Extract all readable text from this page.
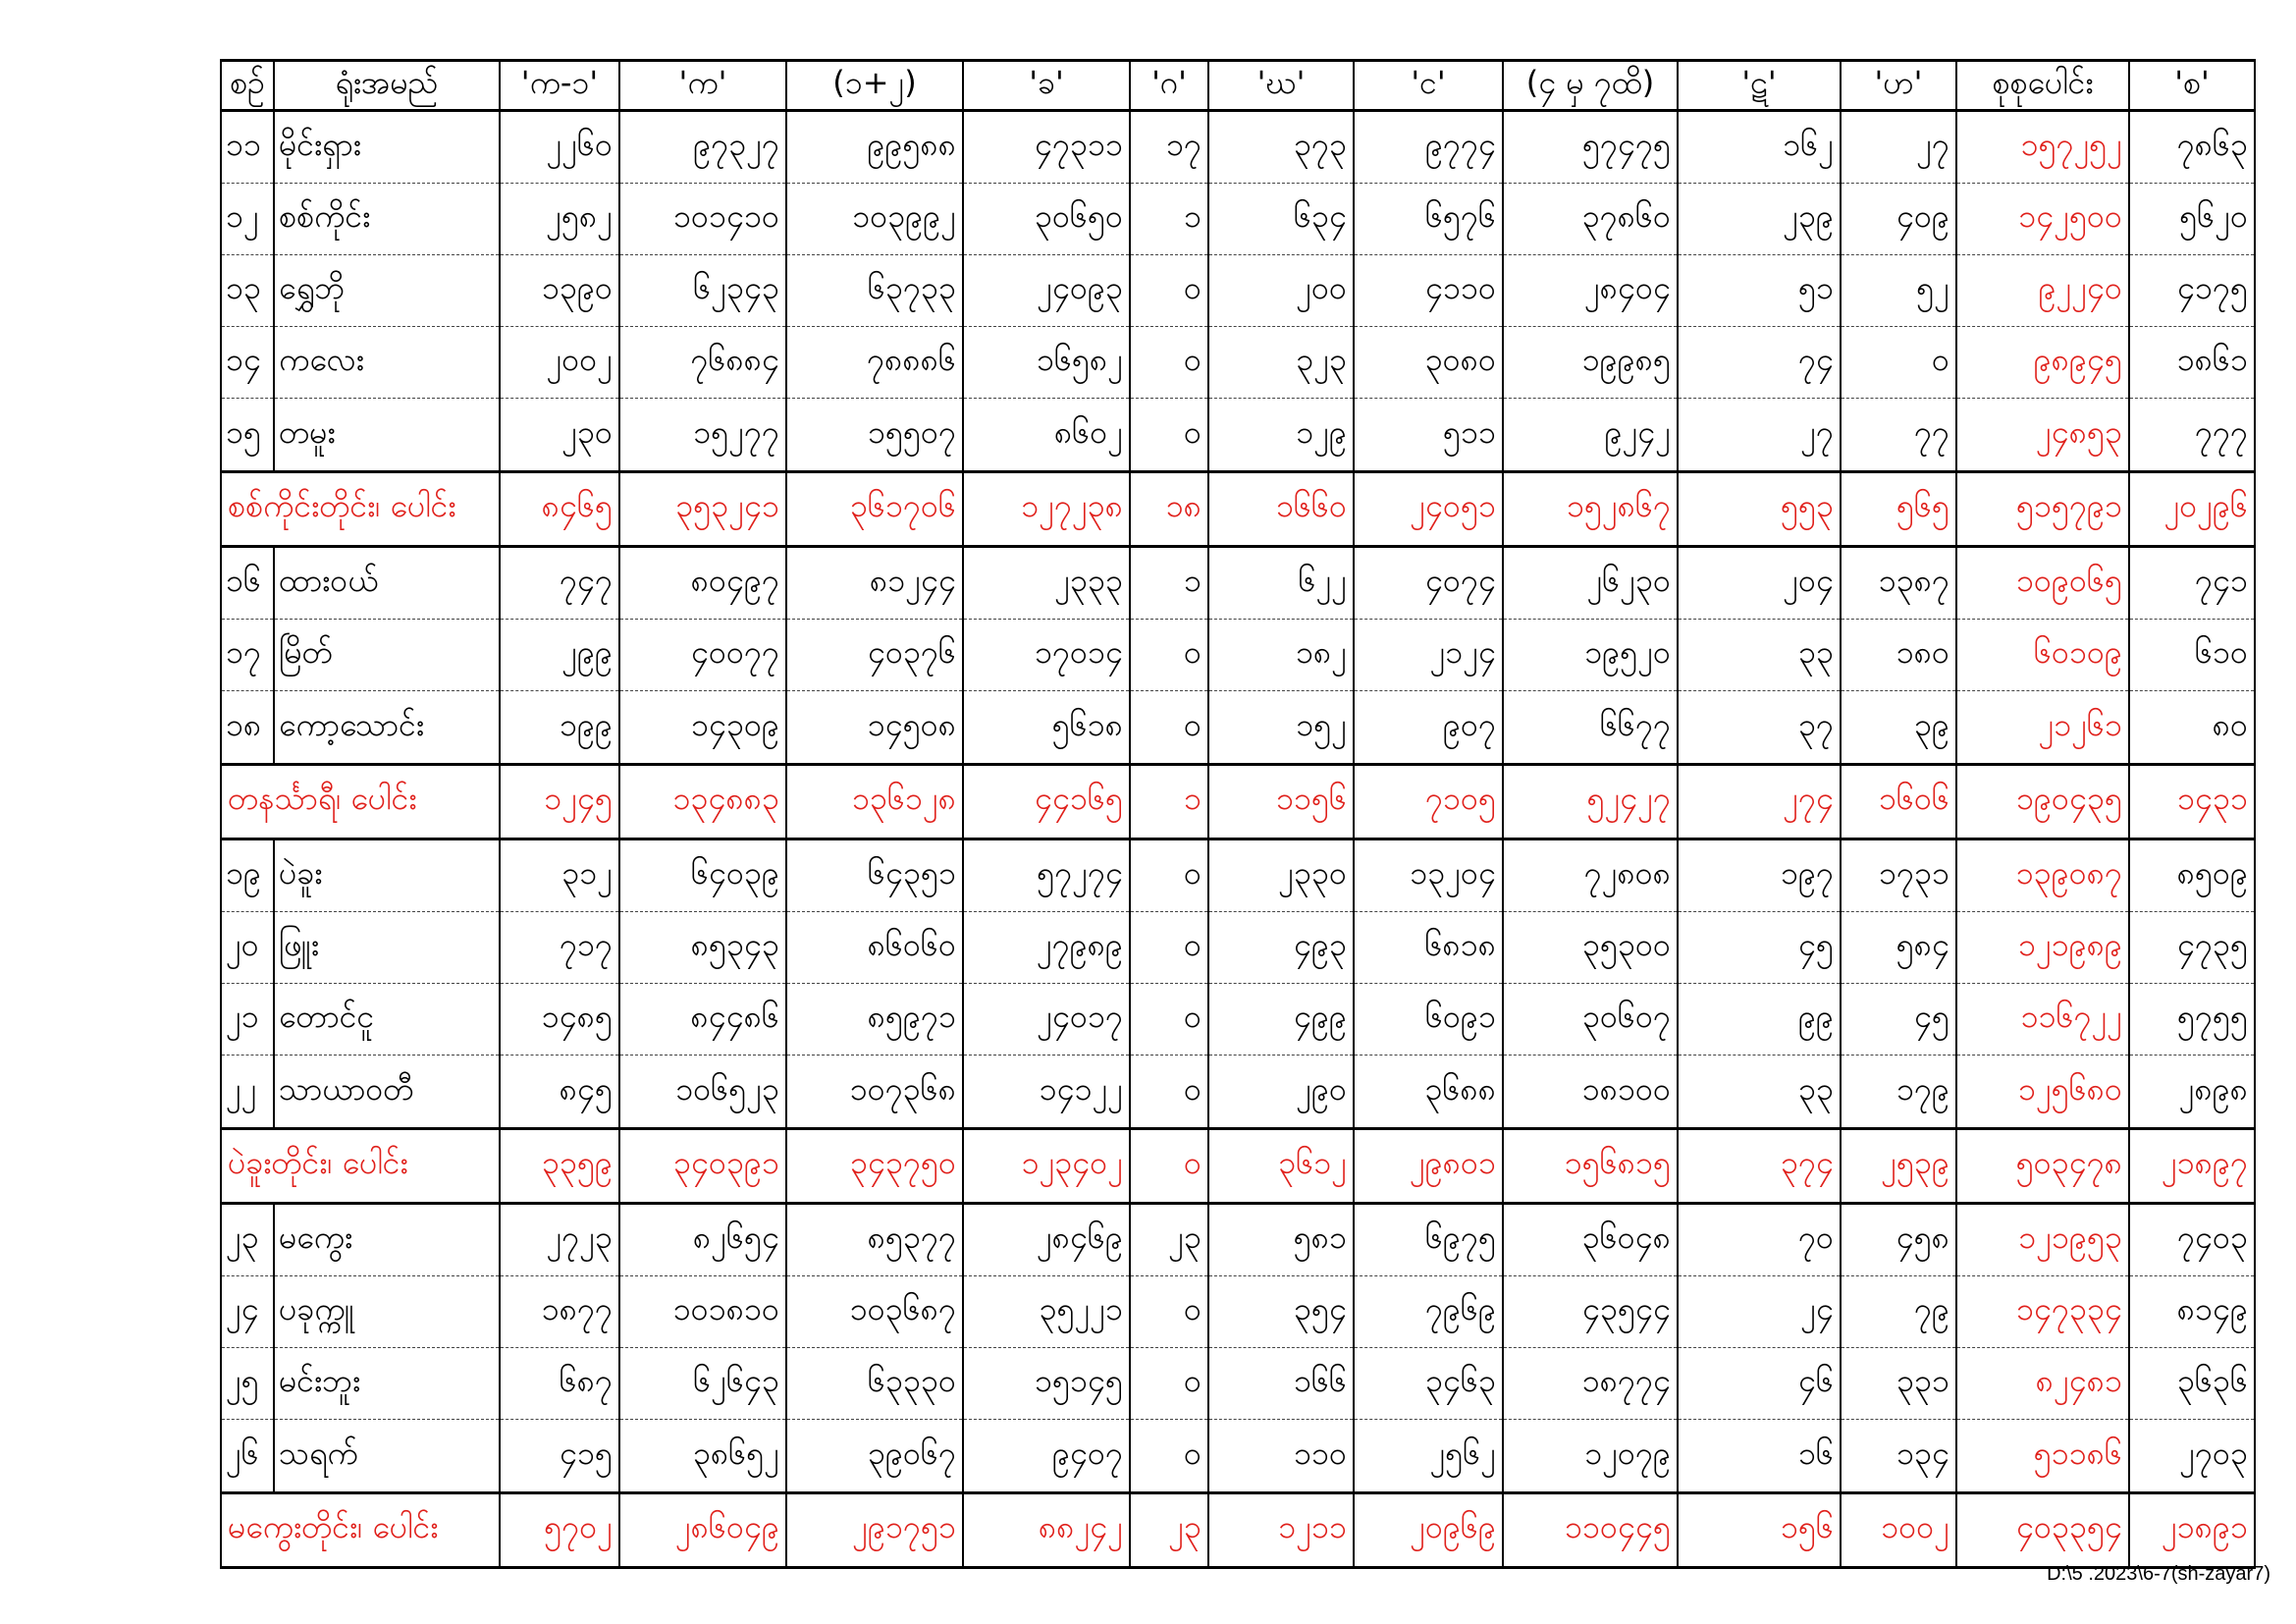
စဉ်	ရုံးအမည်	'က-၁'	'က'	(၁+၂)	'ခ'	'ဂ'	'ဃ'	'င'	(၄ မှ ၇ထိ)	'ဋ'	'ဟ'	စုစုပေါင်း	'စ'
၁၁	မိုင်းရှား	၂၂၆၀	၉၇၃၂၇	၉၉၅၈၈	၄၇၃၁၁	၁၇	၃၇၃	၉၇၇၄	၅၇၄၇၅	၁၆၂	၂၇	၁၅၇၂၅၂	၇၈၆၃
၁၂	စစ်ကိုင်း	၂၅၈၂	၁၀၁၄၁၀	၁၀၃၉၉၂	၃၀၆၅၀	၁	၆၃၄	၆၅၇၆	၃၇၈၆၀	၂၃၉	၄၀၉	၁၄၂၅၀၀	၅၆၂၀
၁၃	ရွှေဘို	၁၃၉၀	၆၂၃၄၃	၆၃၇၃၃	၂၄၀၉၃	၀	၂၀၀	၄၁၁၀	၂၈၄၀၄	၅၁	၅၂	၉၂၂၄၀	၄၁၇၅
၁၄	ကလေး	၂၀၀၂	၇၆၈၈၄	၇၈၈၈၆	၁၆၅၈၂	၀	၃၂၃	၃၀၈၀	၁၉၉၈၅	၇၄	၀	၉၈၉၄၅	၁၈၆၁
၁၅	တမူး	၂၃၀	၁၅၂၇၇	၁၅၅၀၇	၈၆၀၂	၀	၁၂၉	၅၁၁	၉၂၄၂	၂၇	၇၇	၂၄၈၅၃	၇၇၇
စစ်ကိုင်းတိုင်း၊ ပေါင်း		၈၄၆၅	၃၅၃၂၄၁	၃၆၁၇၀၆	၁၂၇၂၃၈	၁၈	၁၆၆၀	၂၄၀၅၁	၁၅၂၈၆၇	၅၅၃	၅၆၅	၅၁၅၇၉၁	၂၀၂၉၆
၁၆	ထားဝယ်	၇၄၇	၈၀၄၉၇	၈၁၂၄၄	၂၃၃၃	၁	၆၂၂	၄၀၇၄	၂၆၂၃၀	၂၀၄	၁၃၈၇	၁၀၉၀၆၅	၇၄၁
၁၇	မြိတ်	၂၉၉	၄၀၀၇၇	၄၀၃၇၆	၁၇၀၁၄	၀	၁၈၂	၂၁၂၄	၁၉၅၂၀	၃၃	၁၈၀	၆၀၁၀၉	၆၁၀
၁၈	ကော့သောင်း	၁၉၉	၁၄၃၀၉	၁၄၅၀၈	၅၆၁၈	၀	၁၅၂	၉၀၇	၆၆၇၇	၃၇	၃၉	၂၁၂၆၁	၈၀
တနင်္သာရီ၊ ပေါင်း		၁၂၄၅	၁၃၄၈၈၃	၁၃၆၁၂၈	၄၄၁၆၅	၁	၁၁၅၆	၇၁၀၅	၅၂၄၂၇	၂၇၄	၁၆၀၆	၁၉၀၄၃၅	၁၄၃၁
၁၉	ပဲခူး	၃၁၂	၆၄၀၃၉	၆၄၃၅၁	၅၇၂၇၄	၀	၂၃၃၀	၁၃၂၀၄	၇၂၈၀၈	၁၉၇	၁၇၃၁	၁၃၉၀၈၇	၈၅၀၉
၂၀	ဖြူး	၇၁၇	၈၅၃၄၃	၈၆၀၆၀	၂၇၉၈၉	၀	၄၉၃	၆၈၁၈	၃၅၃၀၀	၄၅	၅၈၄	၁၂၁၉၈၉	၄၇၃၅
၂၁	တောင်ငူ	၁၄၈၅	၈၄၄၈၆	၈၅၉၇၁	၂၄၀၁၇	၀	၄၉၉	၆၀၉၁	၃၀၆၀၇	၉၉	၄၅	၁၁၆၇၂၂	၅၇၅၅
၂၂	သာယာဝတီ	၈၄၅	၁၀၆၅၂၃	၁၀၇၃၆၈	၁၄၁၂၂	၀	၂၉၀	၃၆၈၈	၁၈၁၀၀	၃၃	၁၇၉	၁၂၅၆၈၀	၂၈၉၈
ပဲခူးတိုင်း၊ ပေါင်း		၃၃၅၉	၃၄၀၃၉၁	၃၄၃၇၅၀	၁၂၃၄၀၂	၀	၃၆၁၂	၂၉၈၀၁	၁၅၆၈၁၅	၃၇၄	၂၅၃၉	၅၀၃၄၇၈	၂၁၈၉၇
၂၃	မကွေး	၂၇၂၃	၈၂၆၅၄	၈၅၃၇၇	၂၈၄၆၉	၂၃	၅၈၁	၆၉၇၅	၃၆၀၄၈	၇၀	၄၅၈	၁၂၁၉၅၃	၇၄၀၃
၂၄	ပခုက္ကူ	၁၈၇၇	၁၀၁၈၁၀	၁၀၃၆၈၇	၃၅၂၂၁	၀	၃၅၄	၇၉၆၉	၄၃၅၄၄	၂၄	၇၉	၁၄၇၃၃၄	၈၁၄၉
၂၅	မင်းဘူး	၆၈၇	၆၂၆၄၃	၆၃၃၃၀	၁၅၁၄၅	၀	၁၆၆	၃၄၆၃	၁၈၇၇၄	၄၆	၃၃၁	၈၂၄၈၁	၃၆၃၆
၂၆	သရက်	၄၁၅	၃၈၆၅၂	၃၉၀၆၇	၉၄၀၇	၀	၁၁၀	၂၅၆၂	၁၂၀၇၉	၁၆	၁၃၄	၅၁၁၈၆	၂၇၀၃
မကွေးတိုင်း၊ ပေါင်း		၅၇၀၂	၂၈၆၀၄၉	၂၉၁၇၅၁	၈၈၂၄၂	၂၃	၁၂၁၁	၂၀၉၆၉	၁၁၀၄၄၅	၁၅၆	၁၀၀၂	၄၀၃၃၅၄	၂၁၈၉၁
D:\5 .2023\6-7(sh-zayar7)
